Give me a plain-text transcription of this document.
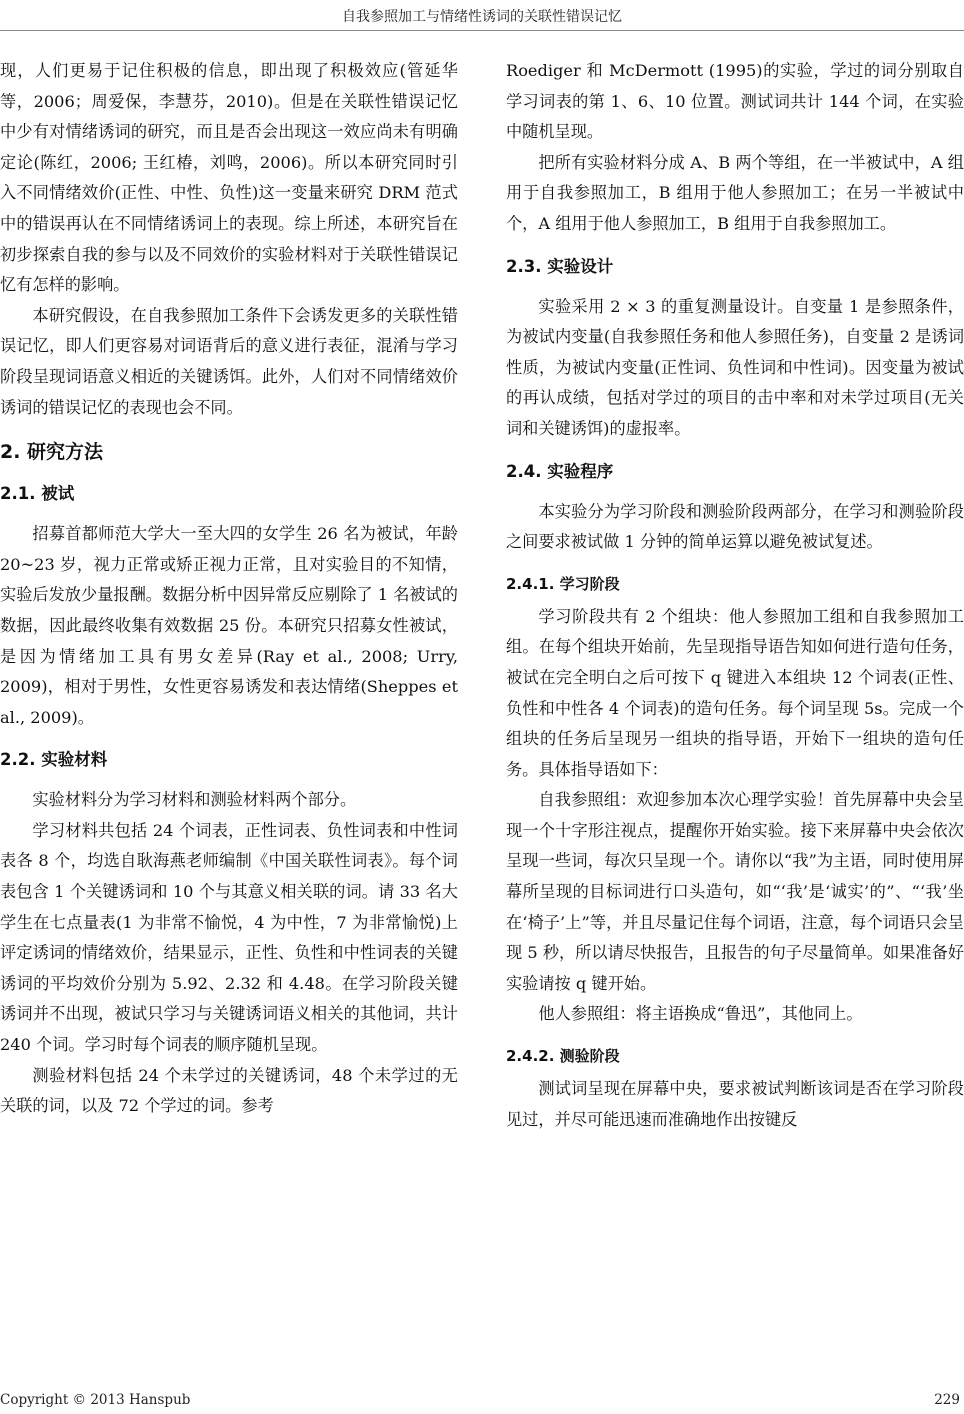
自我参照加工与情绪性诱词的关联性错误记忆

现，人们更易于记住积极的信息，即出现了积极效应(管延华等，2006；周爱保，李慧芬，2010)。但是在关联性错误记忆中少有对情绪诱词的研究，而且是否会出现这一效应尚未有明确定论(陈红，2006; 王红椿，刘鸣，2006)。所以本研究同时引入不同情绪效价(正性、中性、负性)这一变量来研究 DRM 范式中的错误再认在不同情绪诱词上的表现。综上所述，本研究旨在初步探索自我的参与以及不同效价的实验材料对于关联性错误记忆有怎样的影响。

本研究假设，在自我参照加工条件下会诱发更多的关联性错误记忆，即人们更容易对词语背后的意义进行表征，混淆与学习阶段呈现词语意义相近的关键诱饵。此外，人们对不同情绪效价诱词的错误记忆的表现也会不同。

2. 研究方法
2.1. 被试

招募首都师范大学大一至大四的女学生 26 名为被试，年龄 20~23 岁，视力正常或矫正视力正常，且对实验目的不知情，实验后发放少量报酬。数据分析中因异常反应剔除了 1 名被试的数据，因此最终收集有效数据 25 份。本研究只招募女性被试，是因为情绪加工具有男女差异(Ray et al., 2008; Urry, 2009)，相对于男性，女性更容易诱发和表达情绪(Sheppes et al., 2009)。

2.2. 实验材料

实验材料分为学习材料和测验材料两个部分。

学习材料共包括 24 个词表，正性词表、负性词表和中性词表各 8 个，均选自耿海燕老师编制《中国关联性词表》。每个词表包含 1 个关键诱词和 10 个与其意义相关联的词。请 33 名大学生在七点量表(1 为非常不愉悦，4 为中性，7 为非常愉悦)上评定诱词的情绪效价，结果显示，正性、负性和中性词表的关键诱词的平均效价分别为 5.92、2.32 和 4.48。在学习阶段关键诱词并不出现，被试只学习与关键诱词语义相关的其他词，共计 240 个词。学习时每个词表的顺序随机呈现。

测验材料包括 24 个未学过的关键诱词，48 个未学过的无关联的词，以及 72 个学过的词。参考

Roediger 和 McDermott (1995)的实验，学过的词分别取自学习词表的第 1、6、10 位置。测试词共计 144 个词，在实验中随机呈现。

把所有实验材料分成 A、B 两个等组，在一半被试中，A 组用于自我参照加工，B 组用于他人参照加工；在另一半被试中个，A 组用于他人参照加工，B 组用于自我参照加工。

2.3. 实验设计

实验采用 2 × 3 的重复测量设计。自变量 1 是参照条件，为被试内变量(自我参照任务和他人参照任务)，自变量 2 是诱词性质，为被试内变量(正性词、负性词和中性词)。因变量为被试的再认成绩，包括对学过的项目的击中率和对未学过项目(无关词和关键诱饵)的虚报率。

2.4. 实验程序

本实验分为学习阶段和测验阶段两部分，在学习和测验阶段之间要求被试做 1 分钟的简单运算以避免被试复述。

2.4.1. 学习阶段

学习阶段共有 2 个组块：他人参照加工组和自我参照加工组。在每个组块开始前，先呈现指导语告知如何进行造句任务，被试在完全明白之后可按下 q 键进入本组块 12 个词表(正性、负性和中性各 4 个词表)的造句任务。每个词呈现 5s。完成一个组块的任务后呈现另一组块的指导语，开始下一组块的造句任务。具体指导语如下：

自我参照组：欢迎参加本次心理学实验！首先屏幕中央会呈现一个十字形注视点，提醒你开始实验。接下来屏幕中央会依次呈现一些词，每次只呈现一个。请你以“我”为主语，同时使用屏幕所呈现的目标词进行口头造句，如“‘我’是‘诚实’的”、“‘我’坐在‘椅子’上”等，并且尽量记住每个词语，注意，每个词语只会呈现 5 秒，所以请尽快报告，且报告的句子尽量简单。如果准备好实验请按 q 键开始。

他人参照组：将主语换成“鲁迅”，其他同上。

2.4.2. 测验阶段

测试词呈现在屏幕中央，要求被试判断该词是否在学习阶段见过，并尽可能迅速而准确地作出按键反

Copyright © 2013 Hanspub	229
